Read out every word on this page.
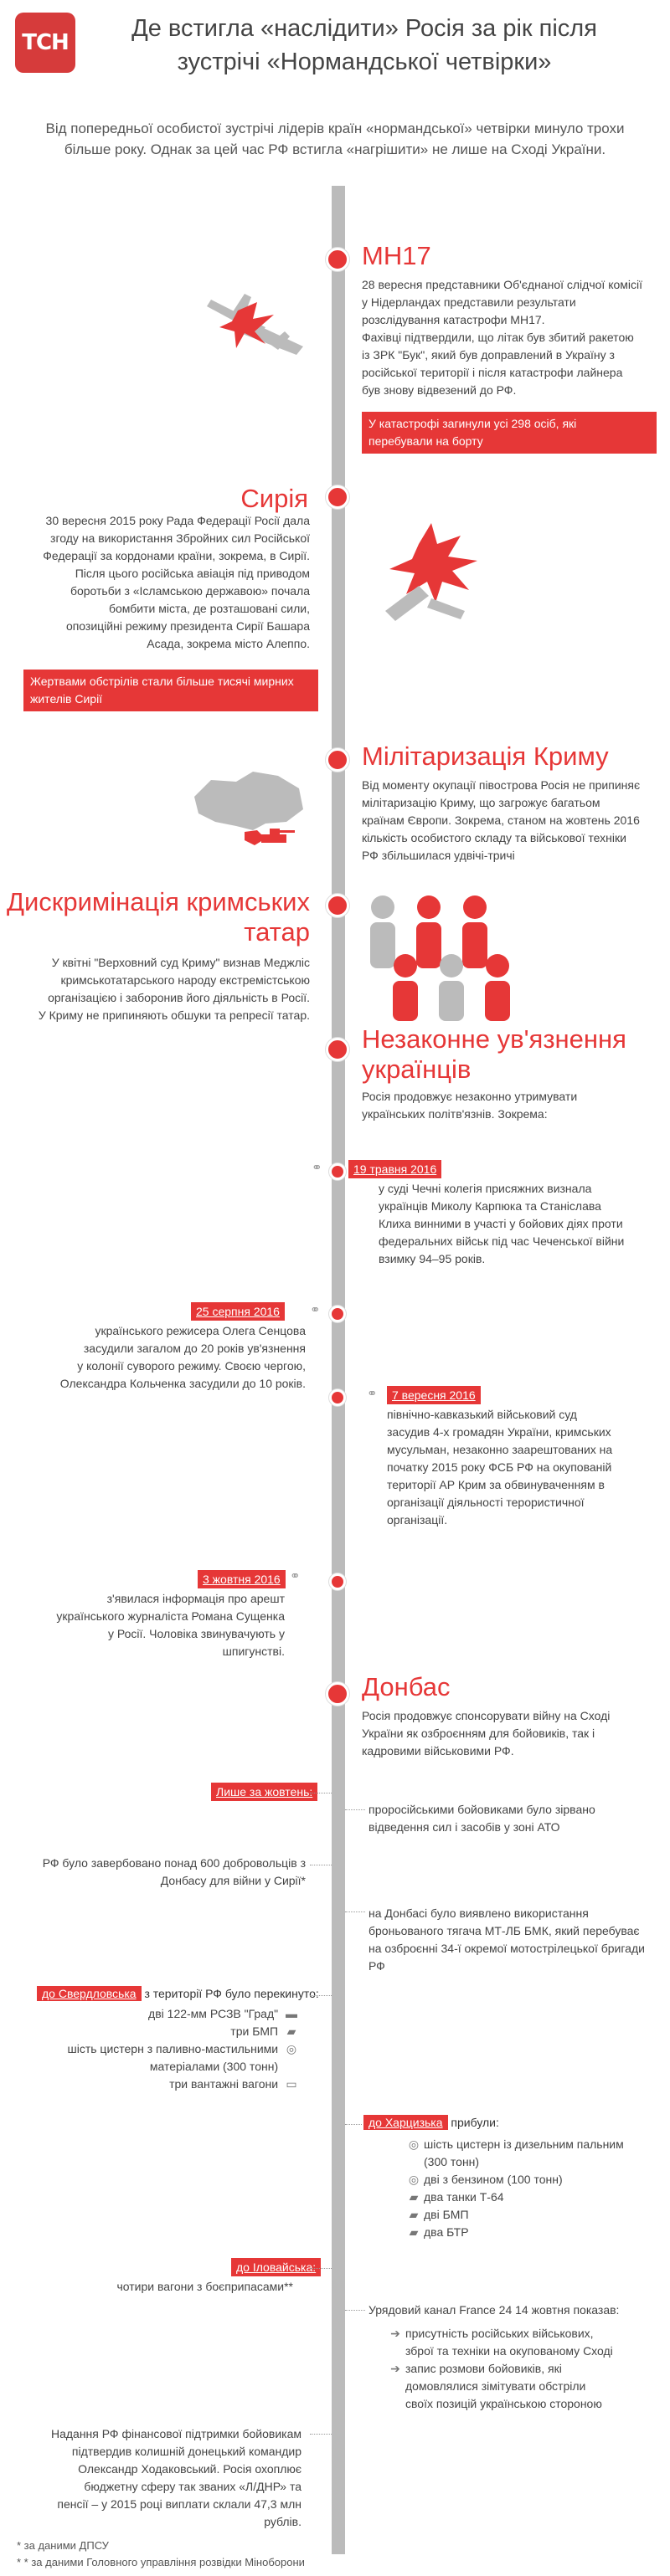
ТСН
Де встигла «наслідити» Росія за рік після
зустрічі «Нормандської четвірки»
Від попередньої особистої зустрічі лідерів країн «нормандської» четвірки минуло трохи
більше року. Однак за цей час РФ встигла «нагрішити» не лише на Сході України.
МН17
28 вересня представники Об'єднаної слідчої комісії
у Нідерландах представили результати
розслідування катастрофи МН17.
Фахівці підтвердили, що літак був збитий ракетою
із ЗРК "Бук", який був доправлений в Україну з
російської території і після катастрофи лайнера
був знову відвезений до РФ.
У катастрофі загинули усі 298 осіб, які
перебували на борту
Сирія
30 вересня 2015 року Рада Федерації Росії дала
згоду на використання Збройних сил Російської
Федерації за кордонами країни, зокрема, в Сирії.
Після цього російська авіація під приводом
боротьби з «Ісламською державою» почала
бомбити міста, де розташовані сили,
опозиційні режиму президента Сирії Башара
Асада, зокрема місто Алеппо.
Жертвами обстрілів стали більше тисячі мирних
жителів Сирії
Мілітаризація Криму
Від моменту окупації півострова Росія не припиняє
мілітаризацію Криму, що загрожує багатьом
країнам Європи. Зокрема, станом на жовтень 2016
кількість особистого складу та військової техніки
РФ збільшилася удвічі-тричі
Дискримінація кримських
татар
У квітні "Верховний суд Криму" визнав Меджліс
кримськотатарського народу екстремістською
організацією і заборонив його діяльність в Росії.
У Криму не припиняють обшуки та репресії татар.
Незаконне ув'язнення
українців
Росія продовжує незаконно утримувати
українських політв'язнів. Зокрема:
⚭	19 травня 2016
у суді Чечні колегія присяжних визнала
українців Миколу Карпюка та Станіслава
Клиха винними в участі у бойових діях проти
федеральних військ під час Чеченської війни
взимку 94–95 років.
⚭
25 серпня 2016
українського режисера Олега Сенцова
засудили загалом до 20 років ув'язнення
у колонії суворого режиму. Своєю чергою,
Олександра Кольченка засудили до 10 років.
⚭	7 вересня 2016
північно-кавказький військовий суд
засудив 4-х громадян України, кримських
мусульман, незаконно заарештованих на
початку 2015 року ФСБ РФ на окупованій
території АР Крим за обвинуваченням в
організації діяльності терористичної
організації.
⚭
3 жовтня 2016
з'явилася інформація про арешт
українського журналіста Романа Сущенка
у Росії. Чоловіка звинувачують у
шпигунстві.
Донбас
Росія продовжує спонсорувати війну на Сході
України як озброєнням для бойовиків, так і
кадровими військовими РФ.
Лише за жовтень:
проросійськими бойовиками було зірвано
відведення сил і засобів у зоні АТО
РФ було завербовано понад 600 добровольців з
Донбасу для війни у Сирії*
на Донбасі було виявлено використання
броньованого тягача МТ-ЛБ БМК, який перебуває
на озброєнні 34-ї окремої мотострілецької бригади
РФ
до Свердловська з території РФ було перекинуто:
дві 122-мм РСЗВ "Град" ▬
три БМП ▰
шість цистерн з паливно-мастильними ◎
матеріалами (300 тонн)
три вантажні вагони ▭
до Харцизька прибули:
◎ шість цистерн із дизельним пальним
(300 тонн)
◎ дві з бензином (100 тонн)
▰ два танки Т-64
▰ дві БМП
▰ два БТР
до Іловайська:
чотири вагони з боєприпасами**
Урядовий канал France 24 14 жовтня показав:
➔ присутність російських військових,
зброї та техніки на окупованому Сході
➔ запис розмови бойовиків, які
домовлялися зімітувати обстріли
своїх позицій українською стороною
Надання РФ фінансової підтримки бойовикам
підтвердив колишній донецький командир
Олександр Ходаковський. Росія охоплює
бюджетну сферу так званих «Л/ДНР» та
пенсії – у 2015 році виплати склали 47,3 млн
рублів.
* за даними ДПСУ
* * за даними Головного управління розвідки Міноборони
